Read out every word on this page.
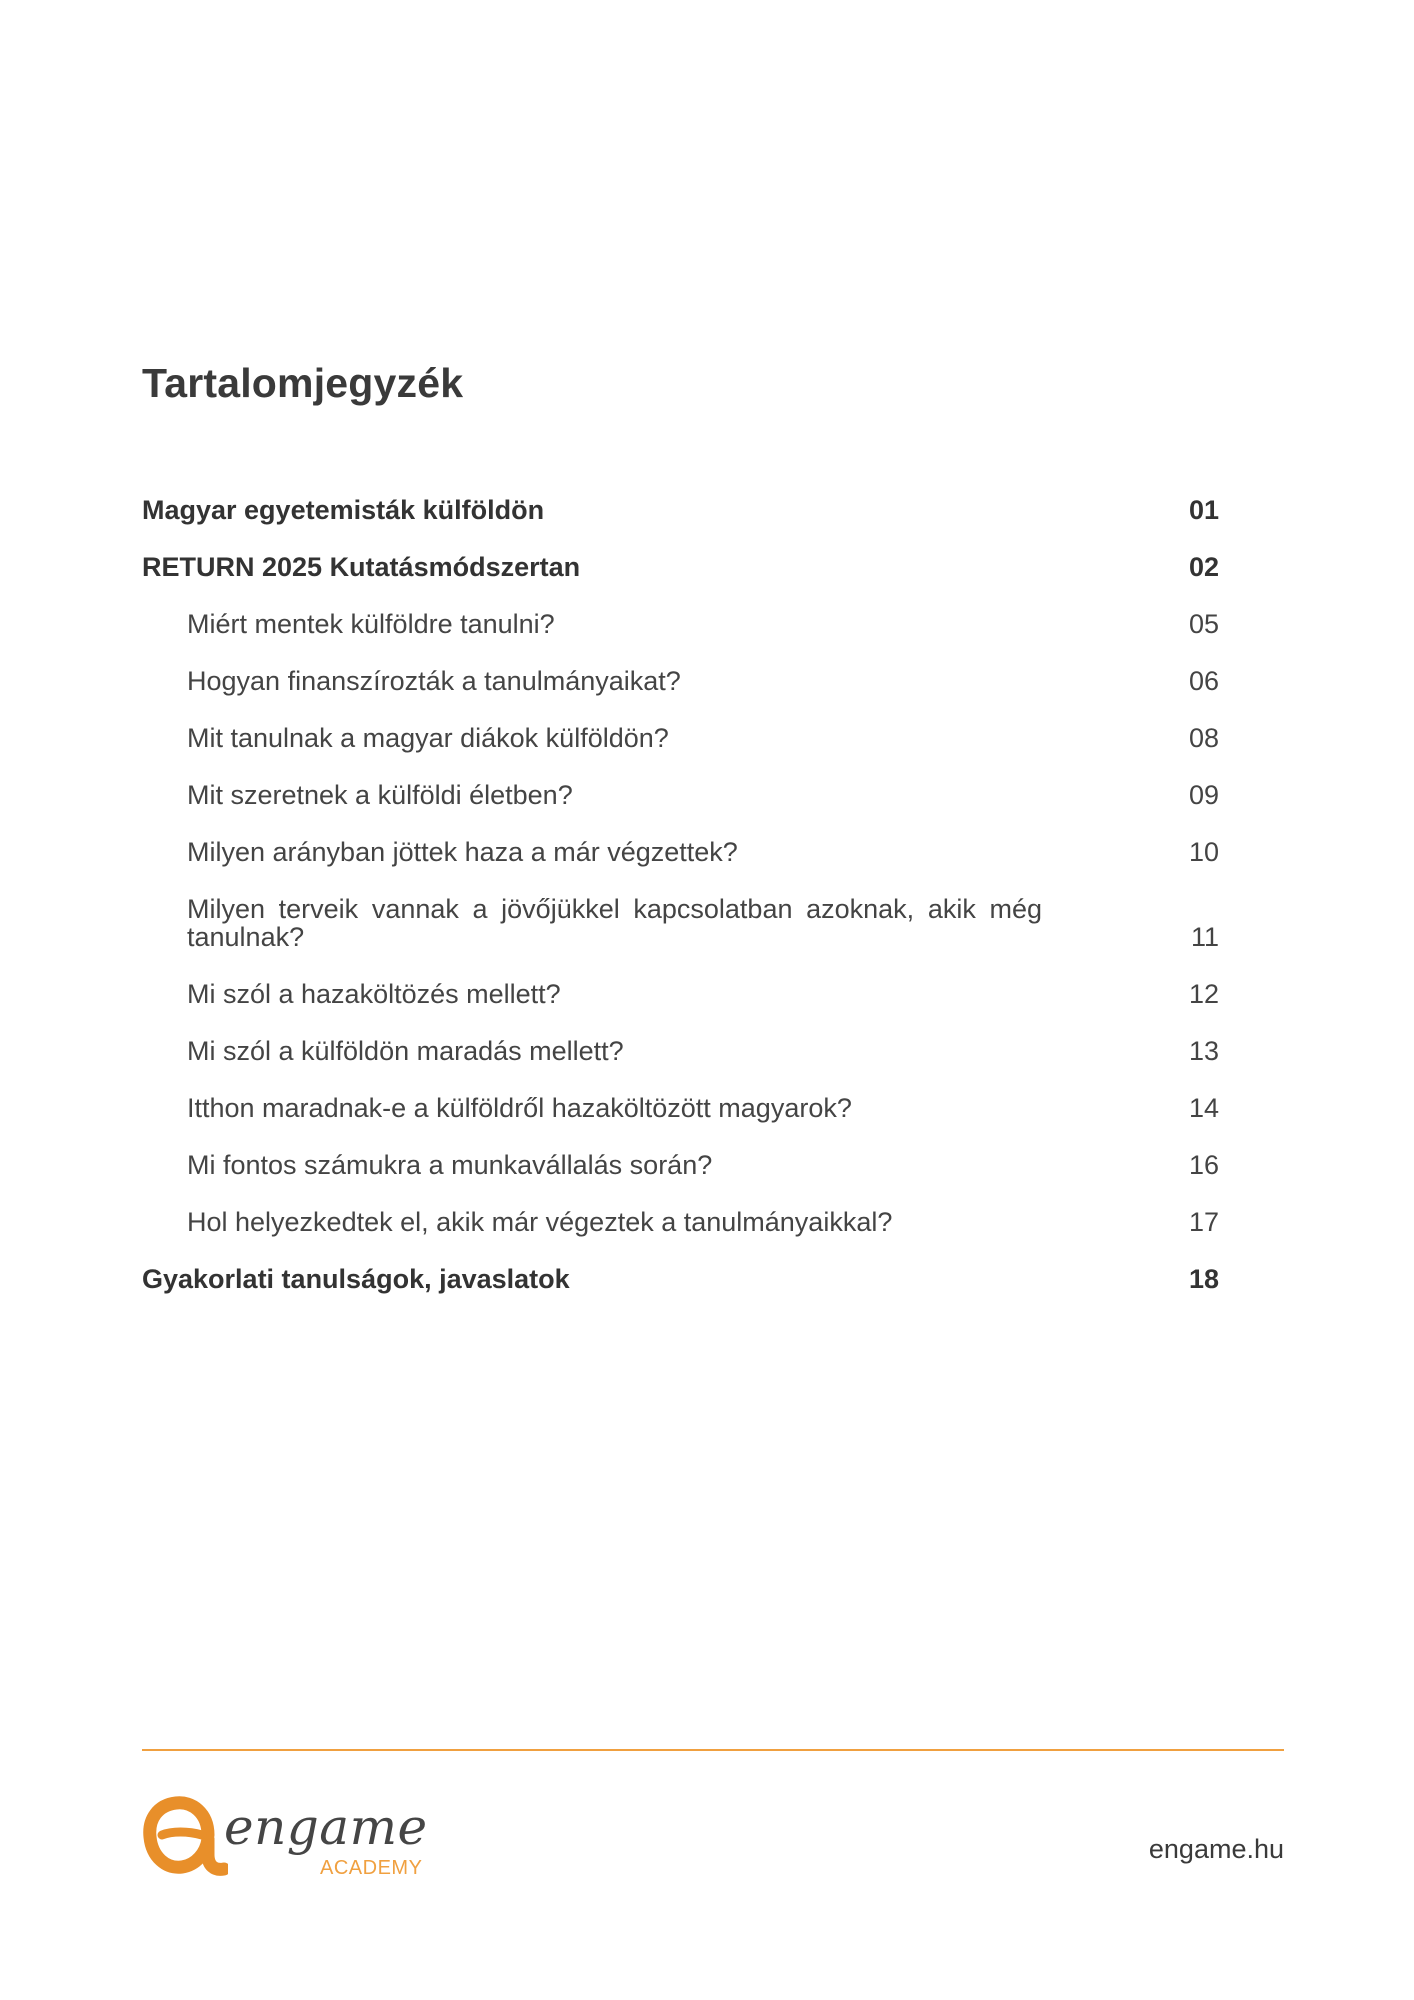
Tartalomjegyzék
Magyar egyetemisták külföldön	01
RETURN 2025 Kutatásmódszertan	02
Miért mentek külföldre tanulni?	05
Hogyan finanszírozták a tanulmányaikat?	06
Mit tanulnak a magyar diákok külföldön?	08
Mit szeretnek a külföldi életben?	09
Milyen arányban jöttek haza a már végzettek?	10
Milyen terveik vannak a jövőjükkel kapcsolatban azoknak, akik még tanulnak?	11
Mi szól a hazaköltözés mellett?	12
Mi szól a külföldön maradás mellett?	13
Itthon maradnak-e a külföldről hazaköltözött magyarok?	14
Mi fontos számukra a munkavállalás során?	16
Hol helyezkedtek el, akik már végeztek a tanulmányaikkal?	17
Gyakorlati tanulságok, javaslatok	18
engame
ACADEMY
engame.hu
